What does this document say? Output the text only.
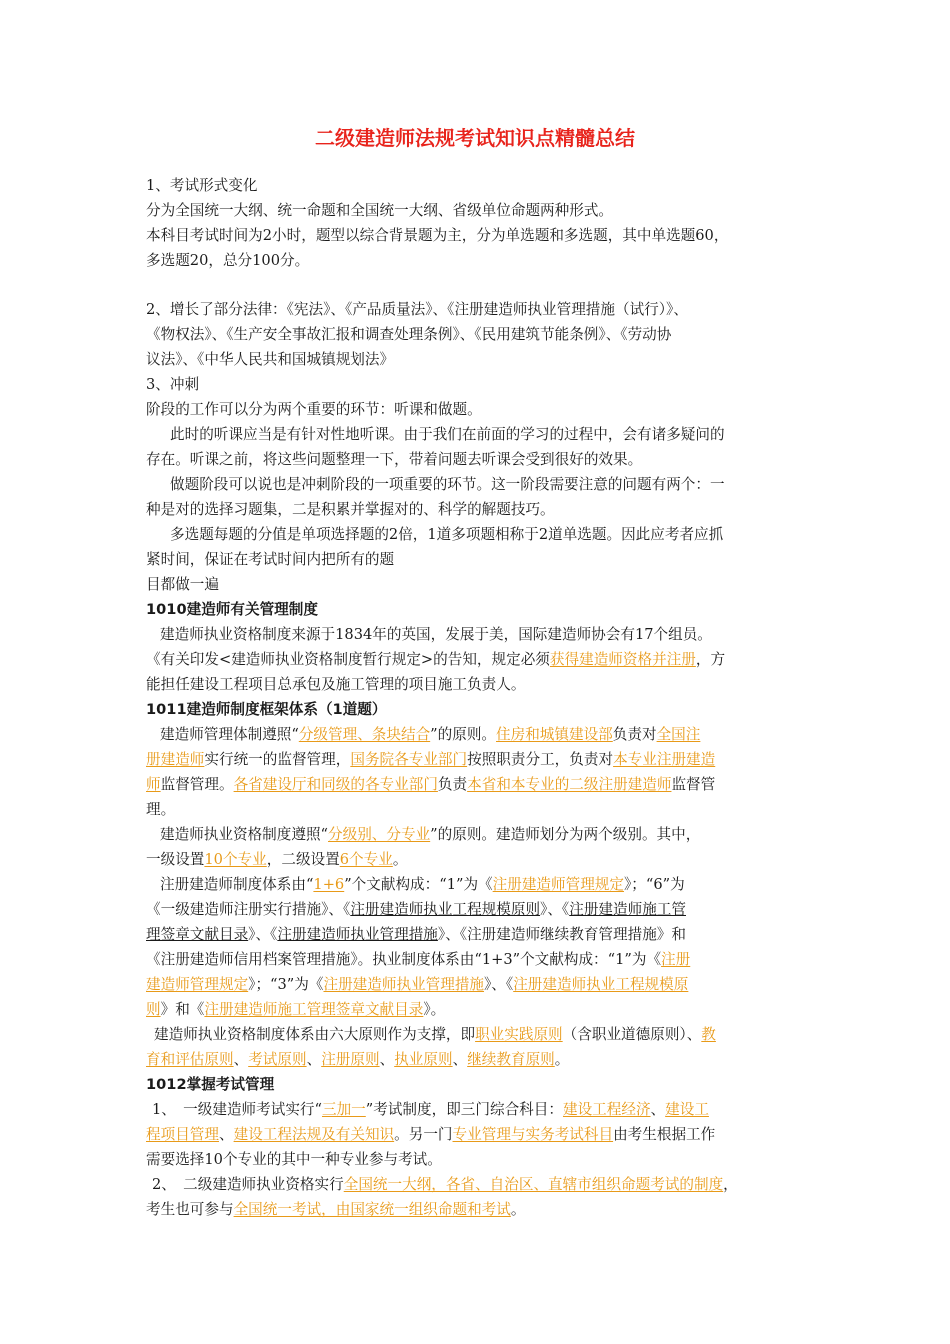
二级建造师法规考试知识点精髓总结
1、考试形式变化
分为全国统一大纲、统一命题和全国统一大纲、省级单位命题两种形式。
本科目考试时间为2小时，题型以综合背景题为主，分为单选题和多选题，其中单选题60，
多选题20，总分100分。
2、增长了部分法律：《宪法》、《产品质量法》、《注册建造师执业管理措施（试行）》、
《物权法》、《生产安全事故汇报和调查处理条例》、《民用建筑节能条例》、《劳动协
议法》、《中华人民共和国城镇规划法》
3、冲刺
阶段的工作可以分为两个重要的环节：听课和做题。
此时的听课应当是有针对性地听课。由于我们在前面的学习的过程中，会有诸多疑问的
存在。听课之前，将这些问题整理一下，带着问题去听课会受到很好的效果。
做题阶段可以说也是冲刺阶段的一项重要的环节。这一阶段需要注意的问题有两个：一
种是对的选择习题集，二是积累并掌握对的、科学的解题技巧。
多选题每题的分值是单项选择题的2倍，1道多项题相称于2道单选题。因此应考者应抓
紧时间，保证在考试时间内把所有的题
目都做一遍
1010建造师有关管理制度
建造师执业资格制度来源于1834年的英国，发展于美，国际建造师协会有17个组员。
《有关印发<建造师执业资格制度暂行规定>的告知，规定必须获得建造师资格并注册，方
能担任建设工程项目总承包及施工管理的项目施工负责人。
1011建造师制度框架体系（1道题）
建造师管理体制遵照“分级管理、条块结合”的原则。住房和城镇建设部负责对全国注
册建造师实行统一的监督管理，国务院各专业部门按照职责分工，负责对本专业注册建造
师监督管理。各省建设厅和同级的各专业部门负责本省和本专业的二级注册建造师监督管
理。
建造师执业资格制度遵照“分级别、分专业”的原则。建造师划分为两个级别。其中，
一级设置10个专业，二级设置6个专业。
注册建造师制度体系由“1+6”个文献构成：“1”为《注册建造师管理规定》；“6”为
《一级建造师注册实行措施》、《注册建造师执业工程规模原则》、《注册建造师施工管
理签章文献目录》、《注册建造师执业管理措施》、《注册建造师继续教育管理措施》和
《注册建造师信用档案管理措施》。执业制度体系由“1+3”个文献构成：“1”为《注册
建造师管理规定》；“3”为《注册建造师执业管理措施》、《注册建造师执业工程规模原
则》和《注册建造师施工管理签章文献目录》。
建造师执业资格制度体系由六大原则作为支撑，即职业实践原则（含职业道德原则）、教
育和评估原则、考试原则、注册原则、执业原则、继续教育原则。
1012掌握考试管理
1、　一级建造师考试实行“三加一”考试制度，即三门综合科目：建设工程经济、建设工
程项目管理、建设工程法规及有关知识。另一门专业管理与实务考试科目由考生根据工作
需要选择10个专业的其中一种专业参与考试。
2、　二级建造师执业资格实行全国统一大纲，各省、自治区、直辖市组织命题考试的制度，
考生也可参与全国统一考试，由国家统一组织命题和考试。
